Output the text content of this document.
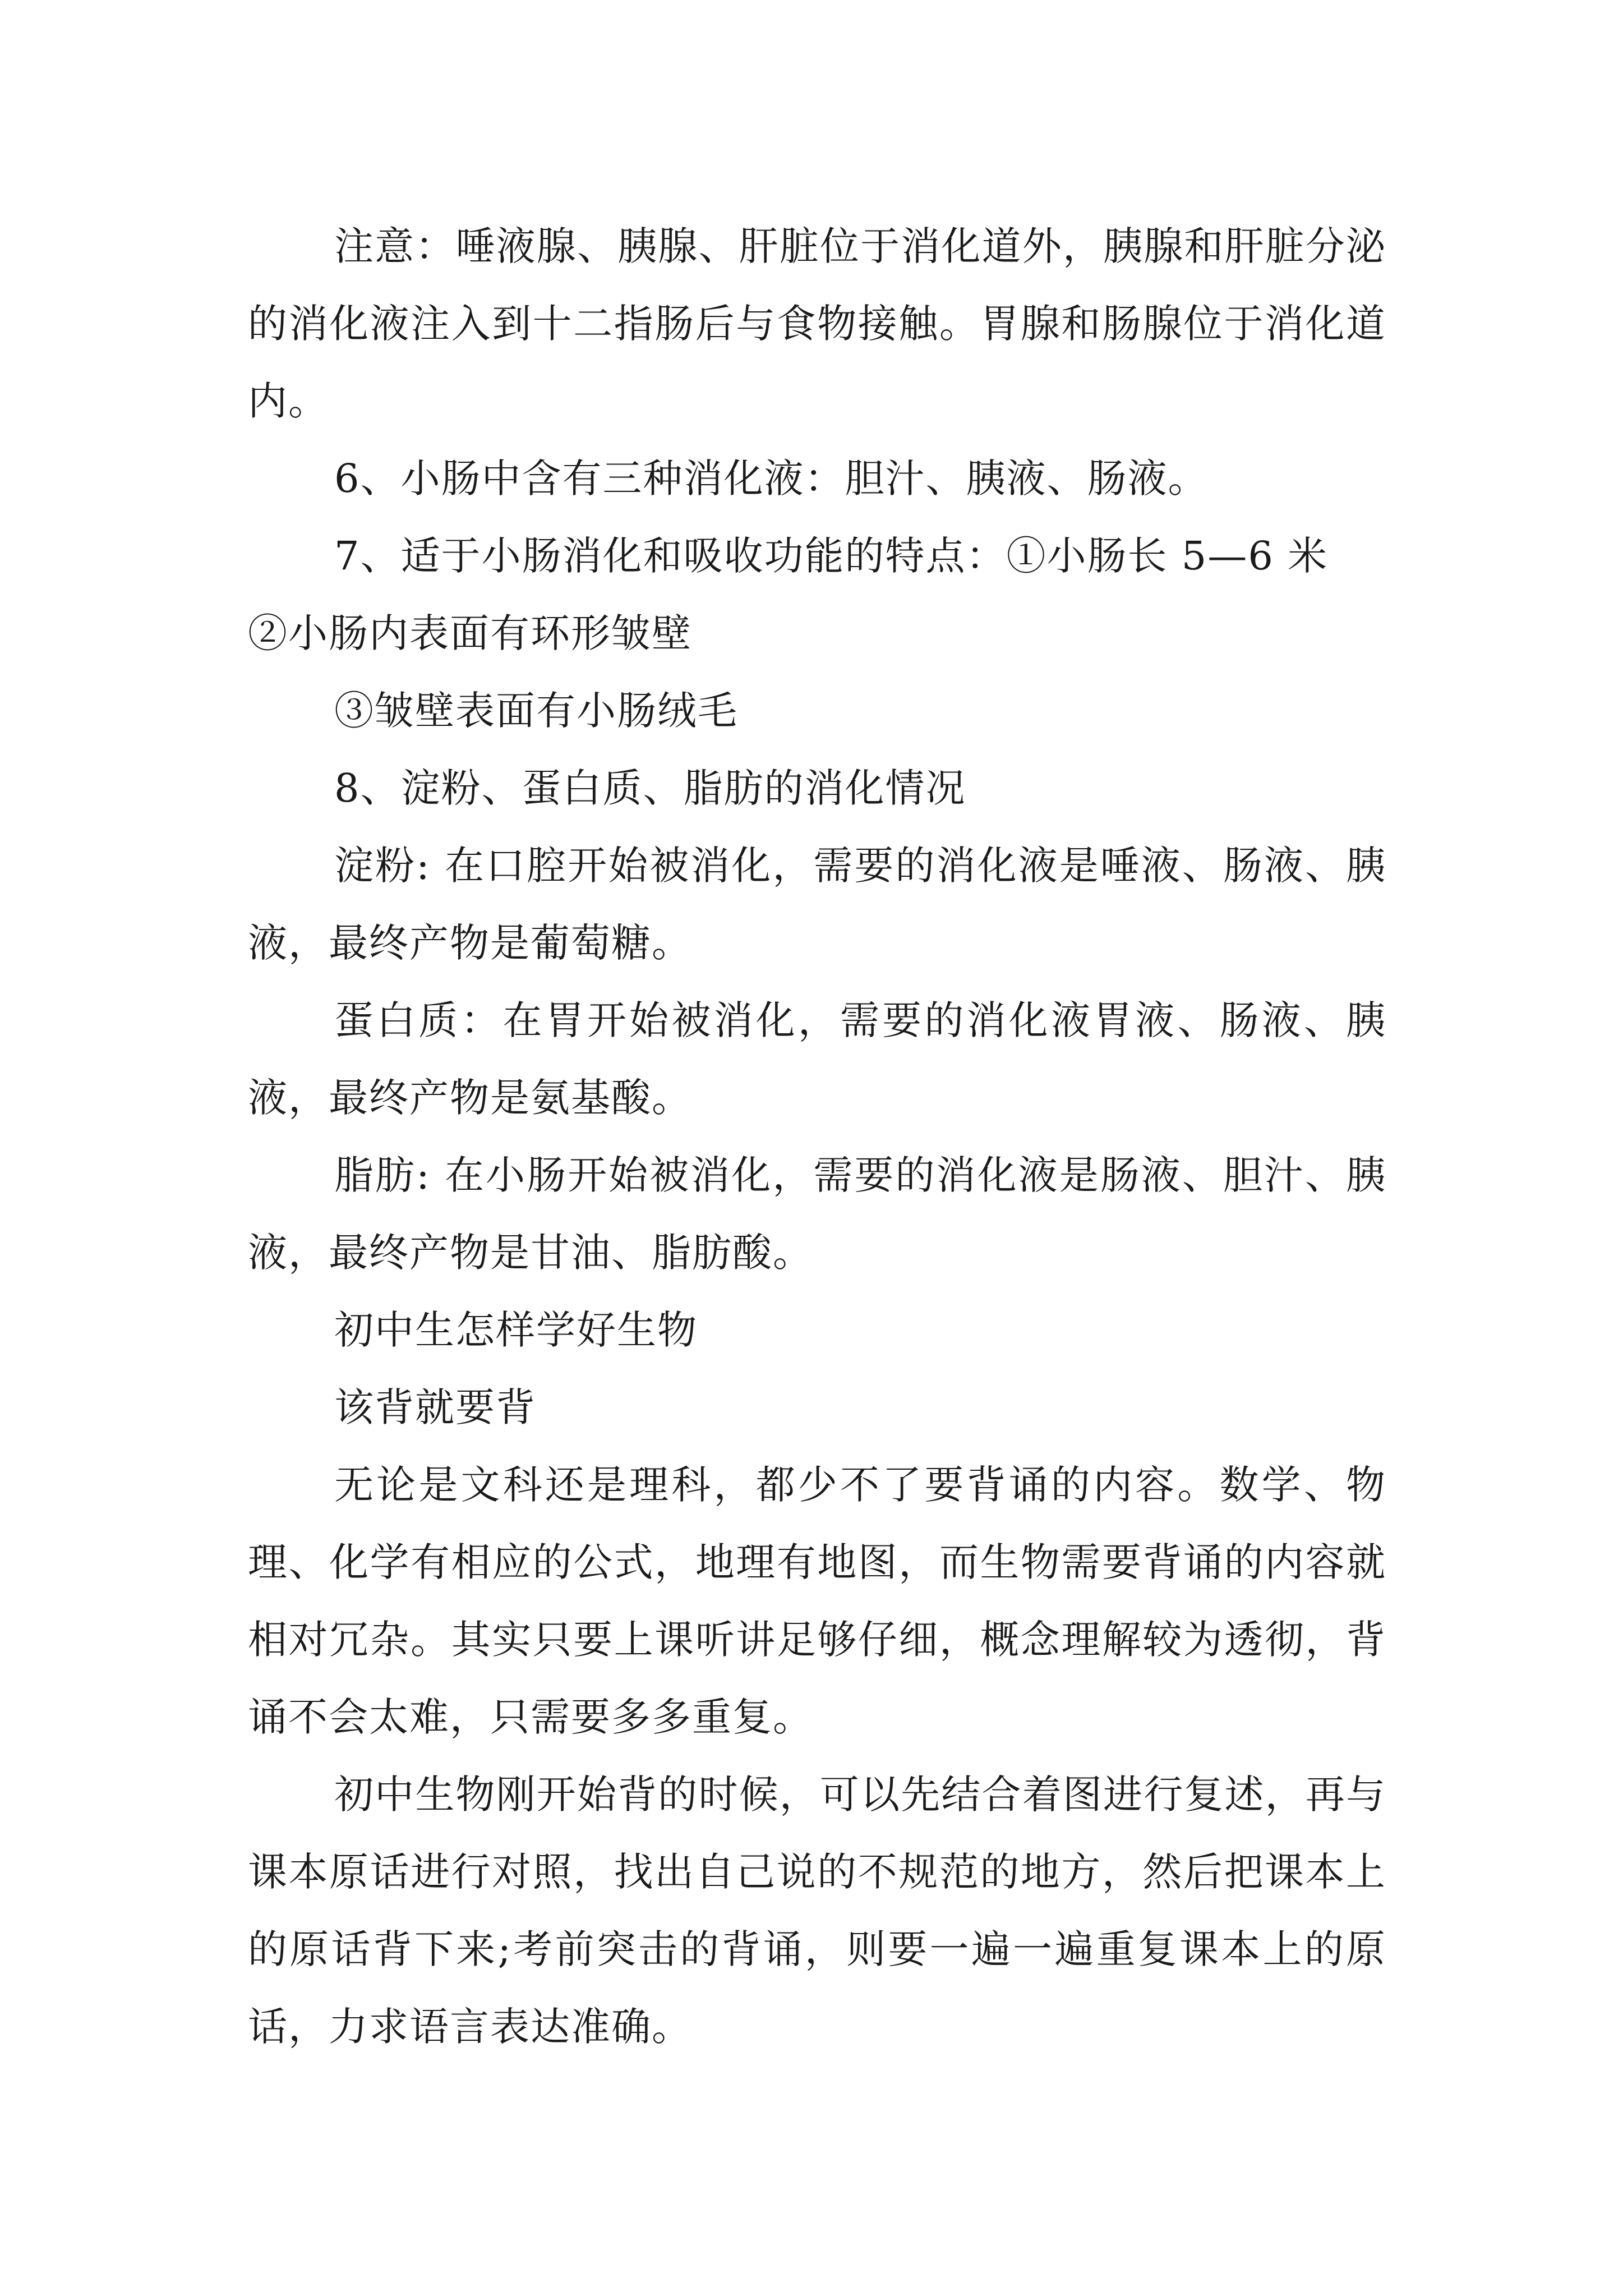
注意：唾液腺、胰腺、肝脏位于消化道外，胰腺和肝脏分泌的消化液注入到十二指肠后与食物接触。胃腺和肠腺位于消化道内。

6、小肠中含有三种消化液：胆汁、胰液、肠液。

7、适于小肠消化和吸收功能的特点：①小肠长 5—6 米

②小肠内表面有环形皱壁

③皱壁表面有小肠绒毛

8、淀粉、蛋白质、脂肪的消化情况

淀粉: 在口腔开始被消化，需要的消化液是唾液、肠液、胰液，最终产物是葡萄糖。

蛋白质：在胃开始被消化，需要的消化液胃液、肠液、胰液，最终产物是氨基酸。

脂肪: 在小肠开始被消化，需要的消化液是肠液、胆汁、胰液，最终产物是甘油、脂肪酸。

初中生怎样学好生物

该背就要背

无论是文科还是理科，都少不了要背诵的内容。数学、物理、化学有相应的公式，地理有地图，而生物需要背诵的内容就相对冗杂。其实只要上课听讲足够仔细，概念理解较为透彻，背诵不会太难，只需要多多重复。

初中生物刚开始背的时候，可以先结合着图进行复述，再与课本原话进行对照，找出自己说的不规范的地方，然后把课本上的原话背下来;考前突击的背诵，则要一遍一遍重复课本上的原话，力求语言表达准确。
